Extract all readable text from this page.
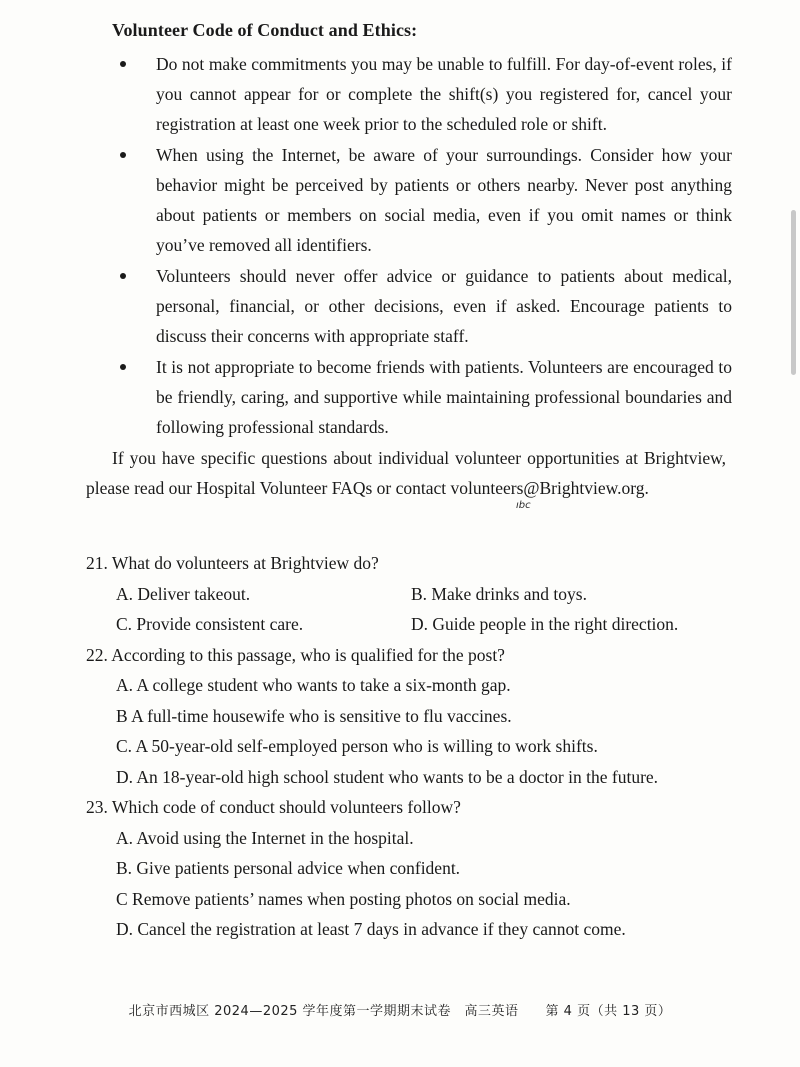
Volunteer Code of Conduct and Ethics:
Do not make commitments you may be unable to fulfill. For day-of-event roles, if you cannot appear for or complete the shift(s) you registered for, cancel your registration at least one week prior to the scheduled role or shift.
When using the Internet, be aware of your surroundings. Consider how your behavior might be perceived by patients or others nearby. Never post anything about patients or members on social media, even if you omit names or think you’ve removed all identifiers.
Volunteers should never offer advice or guidance to patients about medical, personal, financial, or other decisions, even if asked. Encourage patients to discuss their concerns with appropriate staff.
It is not appropriate to become friends with patients. Volunteers are encouraged to be friendly, caring, and supportive while maintaining professional boundaries and following professional standards.

If you have specific questions about individual volunteer opportunities at Brightview, please read our Hospital Volunteer FAQs or contact volunteers@Brightview.org.

ıbc

21. What do volunteers at Brightview do?

A. Deliver takeout.	B. Make drinks and toys.

C. Provide consistent care.	D. Guide people in the right direction.

22. According to this passage, who is qualified for the post?

A. A college student who wants to take a six-month gap.

B A full-time housewife who is sensitive to flu vaccines.

C. A 50-year-old self-employed person who is willing to work shifts.

D. An 18-year-old high school student who wants to be a doctor in the future.

23. Which code of conduct should volunteers follow?

A. Avoid using the Internet in the hospital.

B. Give patients personal advice when confident.

C Remove patients’ names when posting photos on social media.

D. Cancel the registration at least 7 days in advance if they cannot come.

北京市西城区 2024—2025 学年度第一学期期末试卷　高三英语　　第 4 页（共 13 页）
